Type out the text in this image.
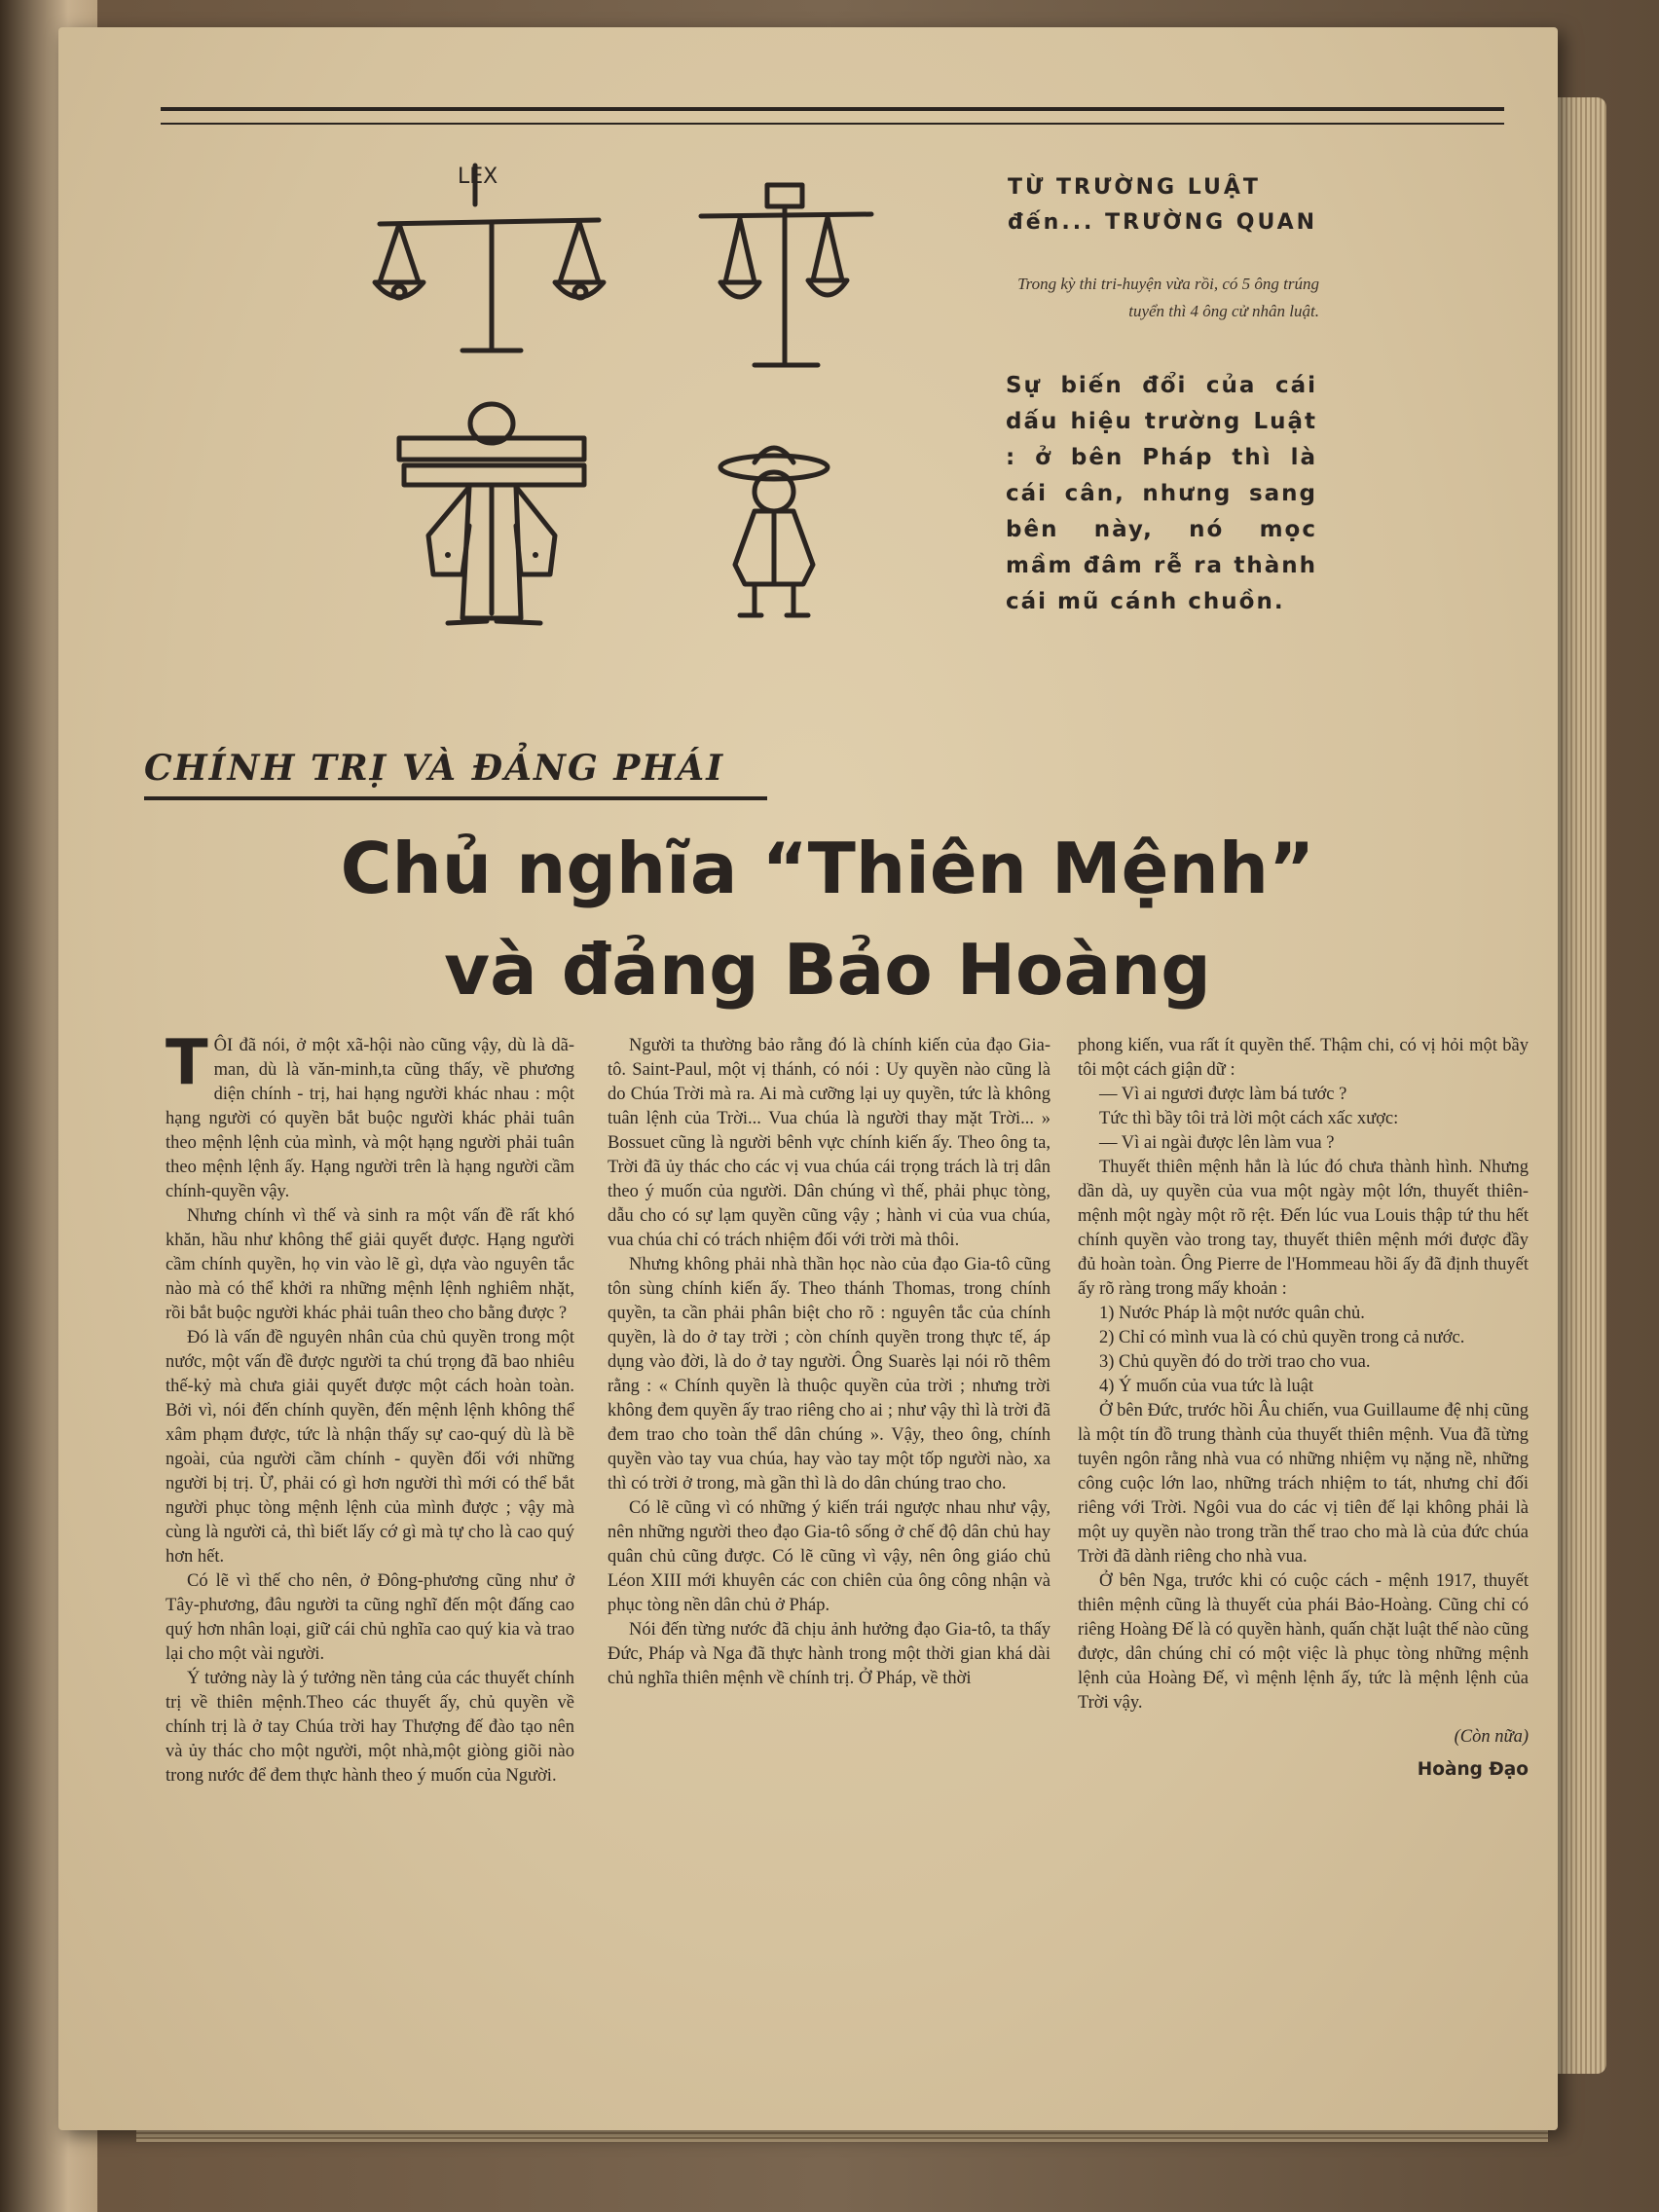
LEX	TỪ TRƯỜNG LUẬT
đến... TRƯỜNG QUAN
Trong kỳ thi tri-huyện vừa rồi, có 5 ông trúng tuyển thì 4 ông cử nhân luật.
Sự biến đổi của cái dấu hiệu trường Luật : ở bên Pháp thì là cái cân, nhưng sang bên này, nó mọc mầm đâm rễ ra thành cái mũ cánh chuồn.
CHÍNH TRỊ VÀ ĐẢNG PHÁI
Chủ nghĩa “Thiên Mệnh”
và đảng Bảo Hoàng

TÔI đã nói, ở một xã-hội nào cũng vậy, dù là dã-man, dù là văn-minh,ta cũng thấy, về phương diện chính - trị, hai hạng người khác nhau : một hạng người có quyền bắt buộc người khác phải tuân theo mệnh lệnh của mình, và một hạng người phải tuân theo mệnh lệnh ấy. Hạng người trên là hạng người cầm chính-quyền vậy.

Nhưng chính vì thế và sinh ra một vấn đề rất khó khăn, hầu như không thể giải quyết được. Hạng người cầm chính quyền, họ vin vào lẽ gì, dựa vào nguyên tắc nào mà có thể khởi ra những mệnh lệnh nghiêm nhặt, rồi bắt buộc người khác phải tuân theo cho bằng được ?

Đó là vấn đề nguyên nhân của chủ quyền trong một nước, một vấn đề được người ta chú trọng đã bao nhiêu thế-kỷ mà chưa giải quyết được một cách hoàn toàn. Bởi vì, nói đến chính quyền, đến mệnh lệnh không thể xâm phạm được, tức là nhận thấy sự cao-quý dù là bề ngoài, của người cầm chính - quyền đối với những người bị trị. Ừ, phải có gì hơn người thì mới có thể bắt người phục tòng mệnh lệnh của mình được ; vậy mà cùng là người cả, thì biết lấy cớ gì mà tự cho là cao quý hơn hết.

Có lẽ vì thế cho nên, ở Đông-phương cũng như ở Tây-phương, đâu người ta cũng nghĩ đến một đấng cao quý hơn nhân loại, giữ cái chủ nghĩa cao quý kia và trao lại cho một vài người.

Ý tưởng này là ý tưởng nền tảng của các thuyết chính trị về thiên mệnh.Theo các thuyết ấy, chủ quyền về chính trị là ở tay Chúa trời hay Thượng đế đào tạo nên và ủy thác cho một người, một nhà,một giòng giõi nào trong nước để đem thực hành theo ý muốn của Người.

Người ta thường bảo rằng đó là chính kiến của đạo Gia-tô. Saint-Paul, một vị thánh, có nói : Uy quyền nào cũng là do Chúa Trời mà ra. Ai mà cưỡng lại uy quyền, tức là không tuân lệnh của Trời... Vua chúa là người thay mặt Trời... » Bossuet cũng là người bênh vực chính kiến ấy. Theo ông ta, Trời đã ủy thác cho các vị vua chúa cái trọng trách là trị dân theo ý muốn của người. Dân chúng vì thế, phải phục tòng, dẫu cho có sự lạm quyền cũng vậy ; hành vi của vua chúa, vua chúa chỉ có trách nhiệm đối với trời mà thôi.

Nhưng không phải nhà thần học nào của đạo Gia-tô cũng tôn sùng chính kiến ấy. Theo thánh Thomas, trong chính quyền, ta cần phải phân biệt cho rõ : nguyên tắc của chính quyền, là do ở tay trời ; còn chính quyền trong thực tế, áp dụng vào đời, là do ở tay người. Ông Suarès lại nói rõ thêm rằng : « Chính quyền là thuộc quyền của trời ; nhưng trời không đem quyền ấy trao riêng cho ai ; như vậy thì là trời đã đem trao cho toàn thể dân chúng ». Vậy, theo ông, chính quyền vào tay vua chúa, hay vào tay một tốp người nào, xa thì có trời ở trong, mà gần thì là do dân chúng trao cho.

Có lẽ cũng vì có những ý kiến trái ngược nhau như vậy, nên những người theo đạo Gia-tô sống ở chế độ dân chủ hay quân chủ cũng được. Có lẽ cũng vì vậy, nên ông giáo chủ Léon XIII mới khuyên các con chiên của ông công nhận và phục tòng nền dân chủ ở Pháp.

Nói đến từng nước đã chịu ảnh hưởng đạo Gia-tô, ta thấy Đức, Pháp và Nga đã thực hành trong một thời gian khá dài chủ nghĩa thiên mệnh về chính trị. Ở Pháp, về thời

phong kiến, vua rất ít quyền thế. Thậm chi, có vị hỏi một bầy tôi một cách giận dữ :

— Vì ai ngươi được làm bá tước ?

Tức thì bầy tôi trả lời một cách xấc xược:

— Vì ai ngài được lên làm vua ?

Thuyết thiên mệnh hẳn là lúc đó chưa thành hình. Nhưng dần dà, uy quyền của vua một ngày một lớn, thuyết thiên-mệnh một ngày một rõ rệt. Đến lúc vua Louis thập tứ thu hết chính quyền vào trong tay, thuyết thiên mệnh mới được đầy đủ hoàn toàn. Ông Pierre de l'Hommeau hồi ấy đã định thuyết ấy rõ ràng trong mấy khoản :

1) Nước Pháp là một nước quân chủ.

2) Chỉ có mình vua là có chủ quyền trong cả nước.

3) Chủ quyền đó do trời trao cho vua.

4) Ý muốn của vua tức là luật

Ở bên Đức, trước hồi Âu chiến, vua Guillaume đệ nhị cũng là một tín đồ trung thành của thuyết thiên mệnh. Vua đã từng tuyên ngôn rằng nhà vua có những nhiệm vụ nặng nề, những công cuộc lớn lao, những trách nhiệm to tát, nhưng chỉ đối riêng với Trời. Ngôi vua do các vị tiên đế lại không phải là một uy quyền nào trong trần thế trao cho mà là của đức chúa Trời đã dành riêng cho nhà vua.

Ở bên Nga, trước khi có cuộc cách - mệnh 1917, thuyết thiên mệnh cũng là thuyết của phái Bảo-Hoàng. Cũng chỉ có riêng Hoàng Đế là có quyền hành, quấn chặt luật thế nào cũng được, dân chúng chỉ có một việc là phục tòng những mệnh lệnh của Hoàng Đế, vì mệnh lệnh ấy, tức là mệnh lệnh của Trời vậy.

(Còn nữa)
Hoàng Đạo
